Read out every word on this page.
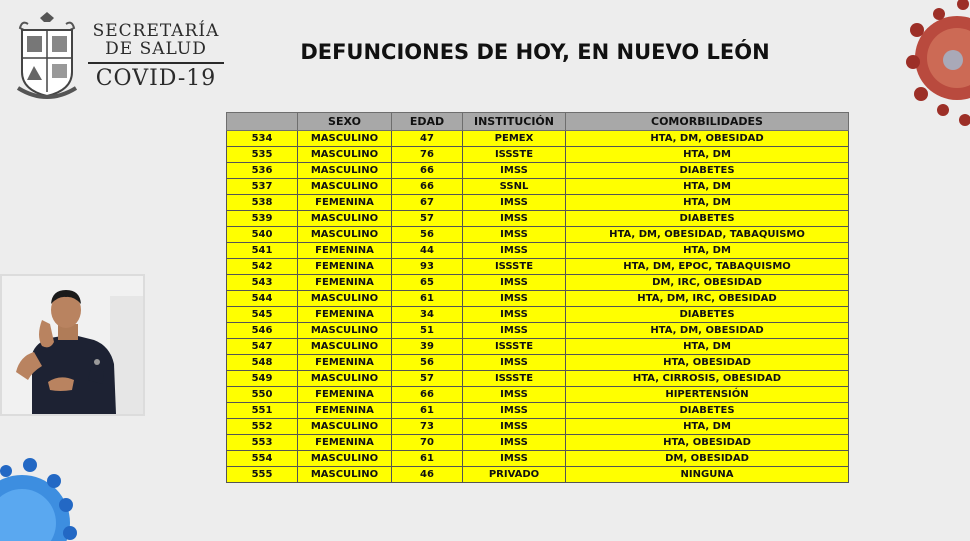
SECRETARÍA
DE SALUD
COVID-19
DEFUNCIONES DE HOY, EN NUEVO LEÓN
	SEXO	EDAD	INSTITUCIÓN	COMORBILIDADES
534	MASCULINO	47	PEMEX	HTA, DM, OBESIDAD
535	MASCULINO	76	ISSSTE	HTA, DM
536	MASCULINO	66	IMSS	DIABETES
537	MASCULINO	66	SSNL	HTA, DM
538	FEMENINA	67	IMSS	HTA, DM
539	MASCULINO	57	IMSS	DIABETES
540	MASCULINO	56	IMSS	HTA, DM, OBESIDAD, TABAQUISMO
541	FEMENINA	44	IMSS	HTA, DM
542	FEMENINA	93	ISSSTE	HTA, DM, EPOC, TABAQUISMO
543	FEMENINA	65	IMSS	DM, IRC, OBESIDAD
544	MASCULINO	61	IMSS	HTA, DM, IRC, OBESIDAD
545	FEMENINA	34	IMSS	DIABETES
546	MASCULINO	51	IMSS	HTA, DM, OBESIDAD
547	MASCULINO	39	ISSSTE	HTA, DM
548	FEMENINA	56	IMSS	HTA, OBESIDAD
549	MASCULINO	57	ISSSTE	HTA, CIRROSIS, OBESIDAD
550	FEMENINA	66	IMSS	HIPERTENSIÓN
551	FEMENINA	61	IMSS	DIABETES
552	MASCULINO	73	IMSS	HTA, DM
553	FEMENINA	70	IMSS	HTA, OBESIDAD
554	MASCULINO	61	IMSS	DM, OBESIDAD
555	MASCULINO	46	PRIVADO	NINGUNA
